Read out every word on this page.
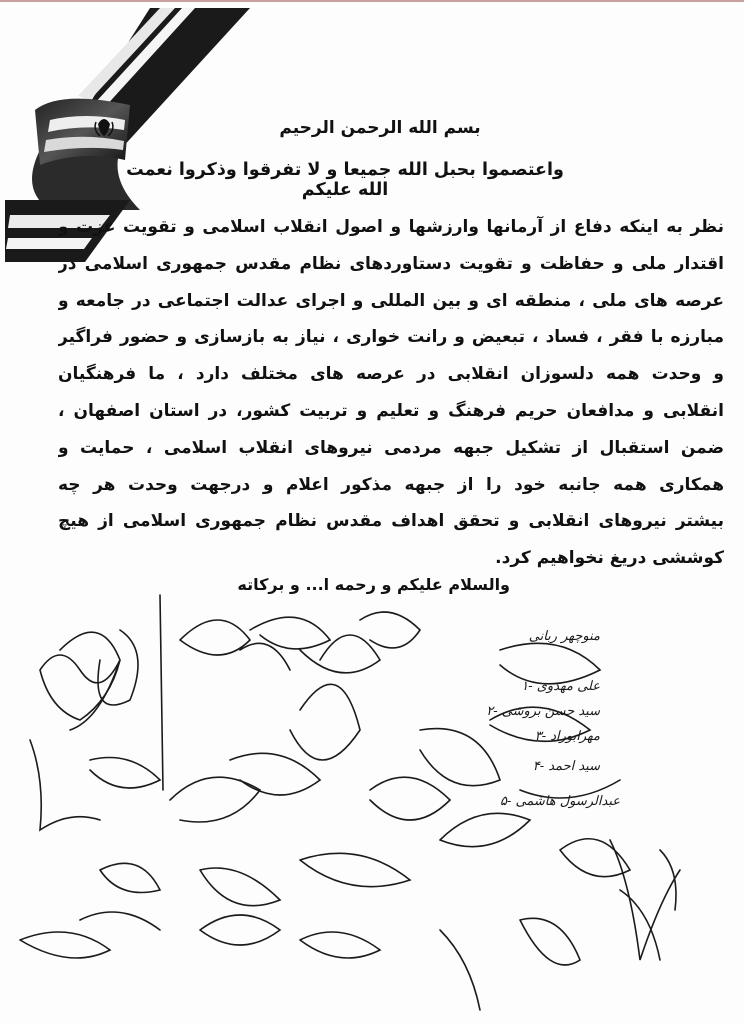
بسم الله الرحمن الرحیم
واعتصموا بحبل الله جمیعا و لا تفرقوا وذکروا نعمت الله علیکم
نظر به اینکه دفاع از آرمانها وارزشها و اصول انقلاب اسلامی و تقویت عزت و
اقتدار ملی و حفاظت و تقویت دستاوردهای نظام مقدس جمهوری اسلامی در
عرصه های ملی ، منطقه ای و بین المللی و اجرای عدالت اجتماعی در جامعه و
مبارزه با فقر ، فساد ، تبعیض و رانت خواری ، نیاز به بازسازی و حضور فراگیر
و وحدت همه دلسوزان انقلابی در عرصه های مختلف دارد ، ما فرهنگیان
انقلابی و مدافعان حریم فرهنگ و تعلیم و تربیت کشور، در استان اصفهان ،
ضمن استقبال از تشکیل جبهه مردمی نیروهای انقلاب اسلامی ، حمایت و
همکاری همه جانبه خود را از جبهه مذکور اعلام و درجهت وحدت هر چه
بیشتر نیروهای انقلابی و تحقق اهداف مقدس نظام جمهوری اسلامی از هیچ
کوششی دریغ نخواهیم کرد.
والسلام علیکم و رحمه ا... و برکاته
منوچهر ربانی
۱- علی مهدوی
۲- سید حسن بروشی
۳- مهرابوراد
۴- سید احمد
۵- عبدالرسول هاشمی
